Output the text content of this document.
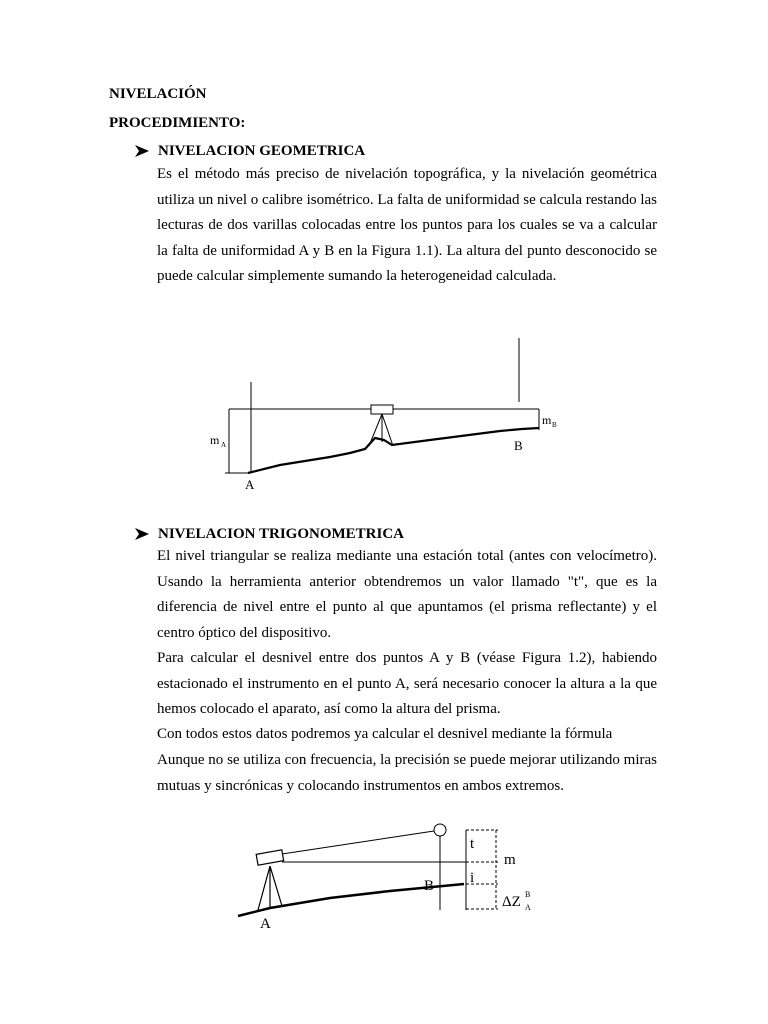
NIVELACIÓN
PROCEDIMIENTO:
NIVELACION GEOMETRICA

Es el método más preciso de nivelación topográfica, y la nivelación geométrica utiliza un nivel o calibre isométrico. La falta de uniformidad se calcula restando las lecturas de dos varillas colocadas entre los puntos para los cuales se va a calcular la falta de uniformidad A y B en la Figura 1.1). La altura del punto desconocido se puede calcular simplemente sumando la heterogeneidad calculada.

m A
m B
A
B
NIVELACION TRIGONOMETRICA

El nivel triangular se realiza mediante una estación total (antes con velocímetro). Usando la herramienta anterior obtendremos un valor llamado "t", que es la diferencia de nivel entre el punto al que apuntamos (el prisma reflectante) y el centro óptico del dispositivo.

Para calcular el desnivel entre dos puntos A y B (véase Figura 1.2), habiendo estacionado el instrumento en el punto A, será necesario conocer la altura a la que hemos colocado el aparato, así como la altura del prisma.

Con todos estos datos podremos ya calcular el desnivel mediante la fórmula

Aunque no se utiliza con frecuencia, la precisión se puede mejorar utilizando miras mutuas y sincrónicas y colocando instrumentos en ambos extremos.

t
m
i
B
A
ΔZ B
A
